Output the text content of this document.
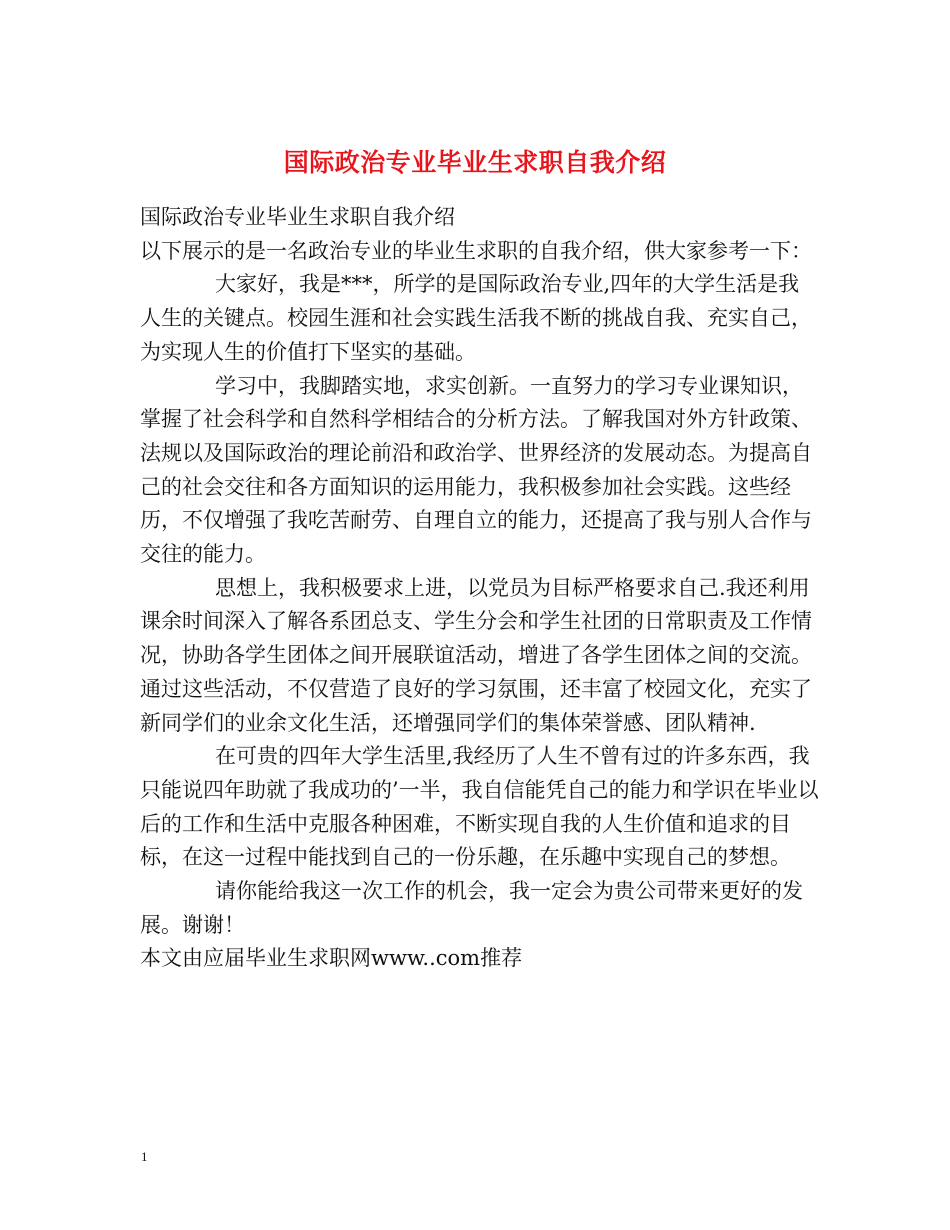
国际政治专业毕业生求职自我介绍

国际政治专业毕业生求职自我介绍

以下展示的是一名政治专业的毕业生求职的自我介绍，供大家参考一下：

大家好，我是***，所学的是国际政治专业,四年的大学生活是我人生的关键点。校园生涯和社会实践生活我不断的挑战自我、充实自己，为实现人生的价值打下坚实的基础。

学习中，我脚踏实地，求实创新。一直努力的学习专业课知识，掌握了社会科学和自然科学相结合的分析方法。了解我国对外方针政策、法规以及国际政治的理论前沿和政治学、世界经济的发展动态。为提高自己的社会交往和各方面知识的运用能力，我积极参加社会实践。这些经历，不仅增强了我吃苦耐劳、自理自立的能力，还提高了我与别人合作与交往的能力。

思想上，我积极要求上进，以党员为目标严格要求自己.我还利用课余时间深入了解各系团总支、学生分会和学生社团的日常职责及工作情况，协助各学生团体之间开展联谊活动，增进了各学生团体之间的交流。通过这些活动，不仅营造了良好的学习氛围，还丰富了校园文化，充实了新同学们的业余文化生活，还增强同学们的集体荣誉感、团队精神.

在可贵的四年大学生活里,我经历了人生不曾有过的许多东西，我只能说四年助就了我成功的’一半，我自信能凭自己的能力和学识在毕业以后的工作和生活中克服各种困难，不断实现自我的人生价值和追求的目标，在这一过程中能找到自己的一份乐趣，在乐趣中实现自己的梦想。

请你能给我这一次工作的机会，我一定会为贵公司带来更好的发展。谢谢！

本文由应届毕业生求职网www..com推荐

1
